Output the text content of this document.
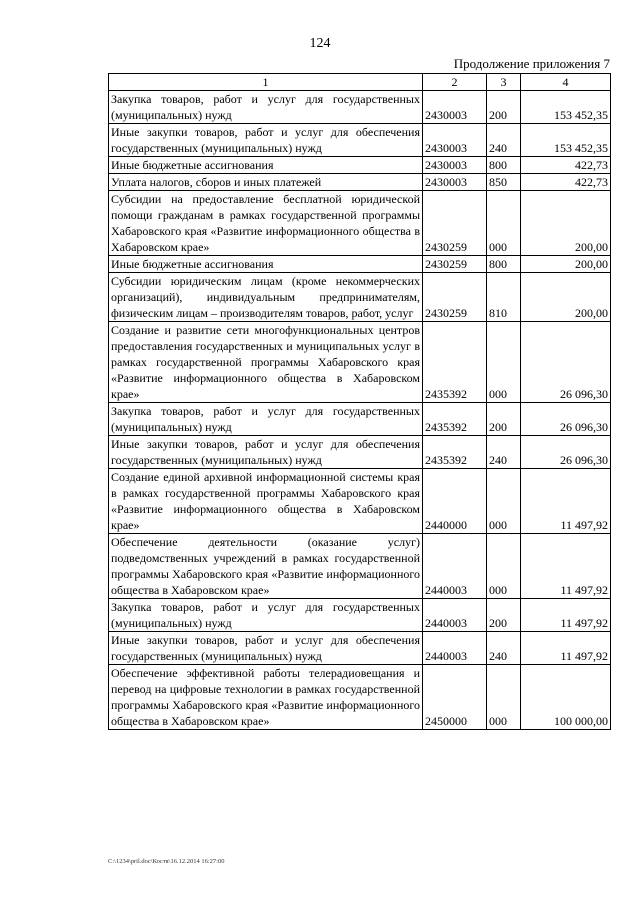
124
Продолжение приложения 7
1	2	3	4
Закупка товаров, работ и услуг для государственных (муниципальных) нужд	2430003	200	153 452,35
Иные закупки товаров, работ и услуг для обеспечения государственных (муниципальных) нужд	2430003	240	153 452,35
Иные бюджетные ассигнования	2430003	800	422,73
Уплата налогов, сборов и иных платежей	2430003	850	422,73
Субсидии на предоставление бесплатной юридической помощи гражданам в рамках государственной программы Хабаровского края «Развитие информационного общества в Хабаровском крае»	2430259	000	200,00
Иные бюджетные ассигнования	2430259	800	200,00
Субсидии юридическим лицам (кроме некоммерческих организаций), индивидуальным предпринимателям, физическим лицам – производителям товаров, работ, услуг	2430259	810	200,00
Создание и развитие сети многофункциональных центров предоставления государственных и муниципальных услуг в рамках государственной программы Хабаровского края «Развитие информационного общества в Хабаровском крае»	2435392	000	26 096,30
Закупка товаров, работ и услуг для государственных (муниципальных) нужд	2435392	200	26 096,30
Иные закупки товаров, работ и услуг для обеспечения государственных (муниципальных) нужд	2435392	240	26 096,30
Создание единой архивной информационной системы края в рамках государственной программы Хабаровского края «Развитие информационного общества в Хабаровском крае»	2440000	000	11 497,92
Обеспечение деятельности (оказание услуг) подведомственных учреждений в рамках государственной программы Хабаровского края «Развитие информационного общества в Хабаровском крае»	2440003	000	11 497,92
Закупка товаров, работ и услуг для государственных (муниципальных) нужд	2440003	200	11 497,92
Иные закупки товаров, работ и услуг для обеспечения государственных (муниципальных) нужд	2440003	240	11 497,92
Обеспечение эффективной работы телерадиовещания и перевод на цифровые технологии в рамках государственной программы Хабаровского края «Развитие информационного общества в Хабаровском крае»	2450000	000	100 000,00
C:\1234\pril.doc\Костя\16.12.2014 16:27:00
